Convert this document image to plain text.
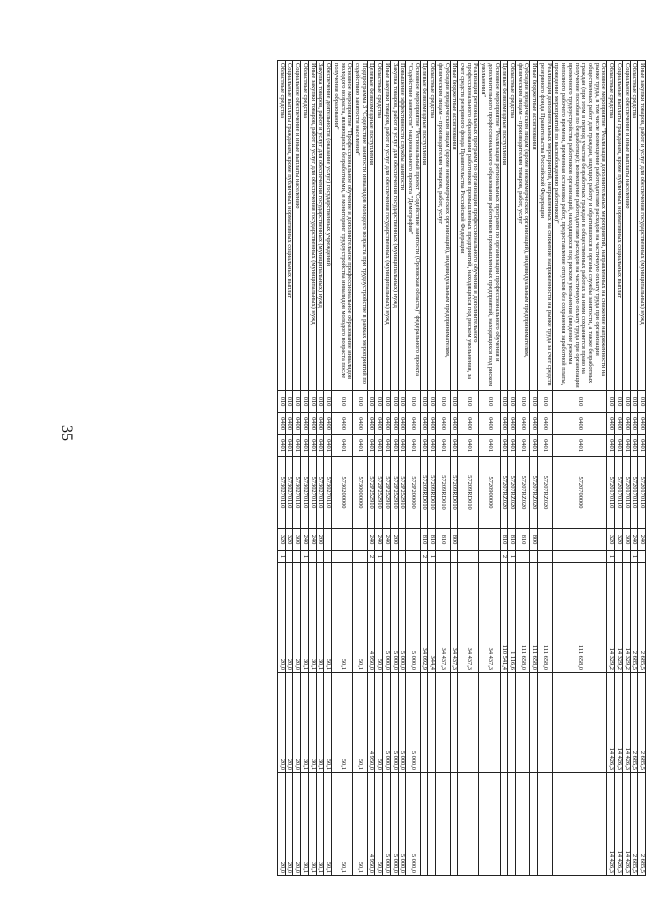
35
Иные закупки товаров, работ и услуг для обеспечения государственных (муниципальных) нужд	010	0400	0401	5720170110	240		2 685,5	2 685,5	2 685,5
Областные средства	010	0400	0401	5720170110	240	1	2 685,5	2 685,5	2 685,5
Социальное обеспечение и иные выплаты населению	010	0400	0401	5720170110	300		14 329,2	14 426,3	14 426,3
Социальные выплаты гражданам, кроме публичных нормативных социальных выплат	010	0400	0401	5720170110	320		14 329,2	14 426,3	14 426,3
Областные средства	010	0400	0401	5720170110	320	1	14 329,2	14 426,3	14 426,3
Основное мероприятие "Реализация дополнительных мероприятий, направленных на снижение напряженности на рынке труда, в том числе возмещение работодателям расходов на частичную оплату труда при организации общественных работ для граждан, ищущих работу и обратившихся в органы службы занятости, а также безработных граждан (при этом в период участия безработных граждан в общественных работах за ними сохраняется право на получение пособия по безработице); возмещение работодателям расходов на частичную оплату труда при организации временного трудоустройства работников организаций, находящихся под риском увольнения (введение режима неполного рабочего времени, временная остановка работ, предоставление отпусков без сохранения заработной платы, проведение мероприятий по высвобождению работников)"	010	0400	0401	5720700000			111 658,0		
Реализация дополнительных мероприятий, направленных на снижение напряженности на рынке труда за счет средств резервного фонда Правительства Российской Федерации	010	0400	0401	57207RZ020			111 658,0		
Иные бюджетные ассигнования	010	0400	0401	57207RZ020	800		111 658,0		
Субсидии юридическим лицам (кроме некоммерческих организаций), индивидуальным предпринимателям, физическим лицам – производителям товаров, работ, услуг	010	0400	0401	57207RZ020	810		111 658,0		
Областные средства	010	0400	0401	57207RZ020	810	1	1 116,6		
Целевые безвозмездные поступления	010	0400	0401	57207RZ020	810	2	110 541,4		
Основное мероприятие "Реализация региональных программ по организации профессионального обучения и дополнительного профессионального образования работников промышленных предприятий, находящихся под риском увольнения"	010	0400	0401	5720900000			34 437,3		
Реализация региональных программ по организации профессионального обучения и дополнительного профессионального образования работников промышленных предприятий, находящихся под риском увольнения, за счет средств резервного фонда Правительства Российской Федерации	010	0400	0401	57209RD010			34 437,3		
Иные бюджетные ассигнования	010	0400	0401	57209RD010	800		34 437,3		
Субсидии юридическим лицам (кроме некоммерческих организаций), индивидуальным предпринимателям, физическим лицам – производителям товаров, работ, услуг	010	0400	0401	57209RD010	810		34 437,3		
Областные средства	010	0400	0401	57209RD010	810	1	344,4		
Целевые безвозмездные поступления	010	0400	0401	57209RD010	810	2	34 092,9		
Основное мероприятие "Региональный проект "Содействие занятости (Орловская область)" федерального проекта "Содействие занятости" национального проекта "Демография"	010	0400	0401	572P200000			5 000,0	5 000,0	5 000,0
Повышение эффективности службы занятости	010	0400	0401	572P252910			5 000,0	5 000,0	5 000,0
Закупка товаров, работ и услуг для обеспечения государственных (муниципальных) нужд	010	0400	0401	572P252910	200		5 000,0	5 000,0	5 000,0
Иные закупки товаров, работ и услуг для обеспечения государственных (муниципальных) нужд	010	0400	0401	572P252910	240		5 000,0	5 000,0	5 000,0
Областные средства	010	0400	0401	572P252910	240	1	50,0	50,0	50,0
Целевые безвозмездные поступления	010	0400	0401	572P252910	240	2	4 950,0	4 950,0	4 950,0
Подпрограмма 3 "Содействие занятости инвалидов молодого возраста при трудоустройстве в рамках мероприятий по содействию занятости населения"	010	0400	0401	5730000000			50,1	50,1	50,1
Основное мероприятие "Профессиональное обучение и дополнительное профессиональное образование инвалидов молодого возраста, являющихся безработными, и мониторинг трудоустройства инвалидов молодого возраста после получения образования"	010	0400	0401	5730200000			50,1	50,1	50,1
Обеспечение деятельности (оказание услуг) государственных учреждений	010	0400	0401	5730270110			50,1	50,1	50,1
Закупка товаров, работ и услуг для обеспечения государственных (муниципальных) нужд	010	0400	0401	5730270110	200		30,1	30,1	30,1
Иные закупки товаров, работ и услуг для обеспечения государственных (муниципальных) нужд	010	0400	0401	5730270110	240		30,1	30,1	30,1
Областные средства	010	0400	0401	5730270110	240	1	30,1	30,1	30,1
Социальное обеспечение и иные выплаты населению	010	0400	0401	5730270110	300		20,0	20,0	20,0
Социальные выплаты гражданам, кроме публичных нормативных социальных выплат	010	0400	0401	5730270110	320		20,0	20,0	20,0
Областные средства	010	0400	0401	5730270110	320	1	20,0	20,0	20,0
